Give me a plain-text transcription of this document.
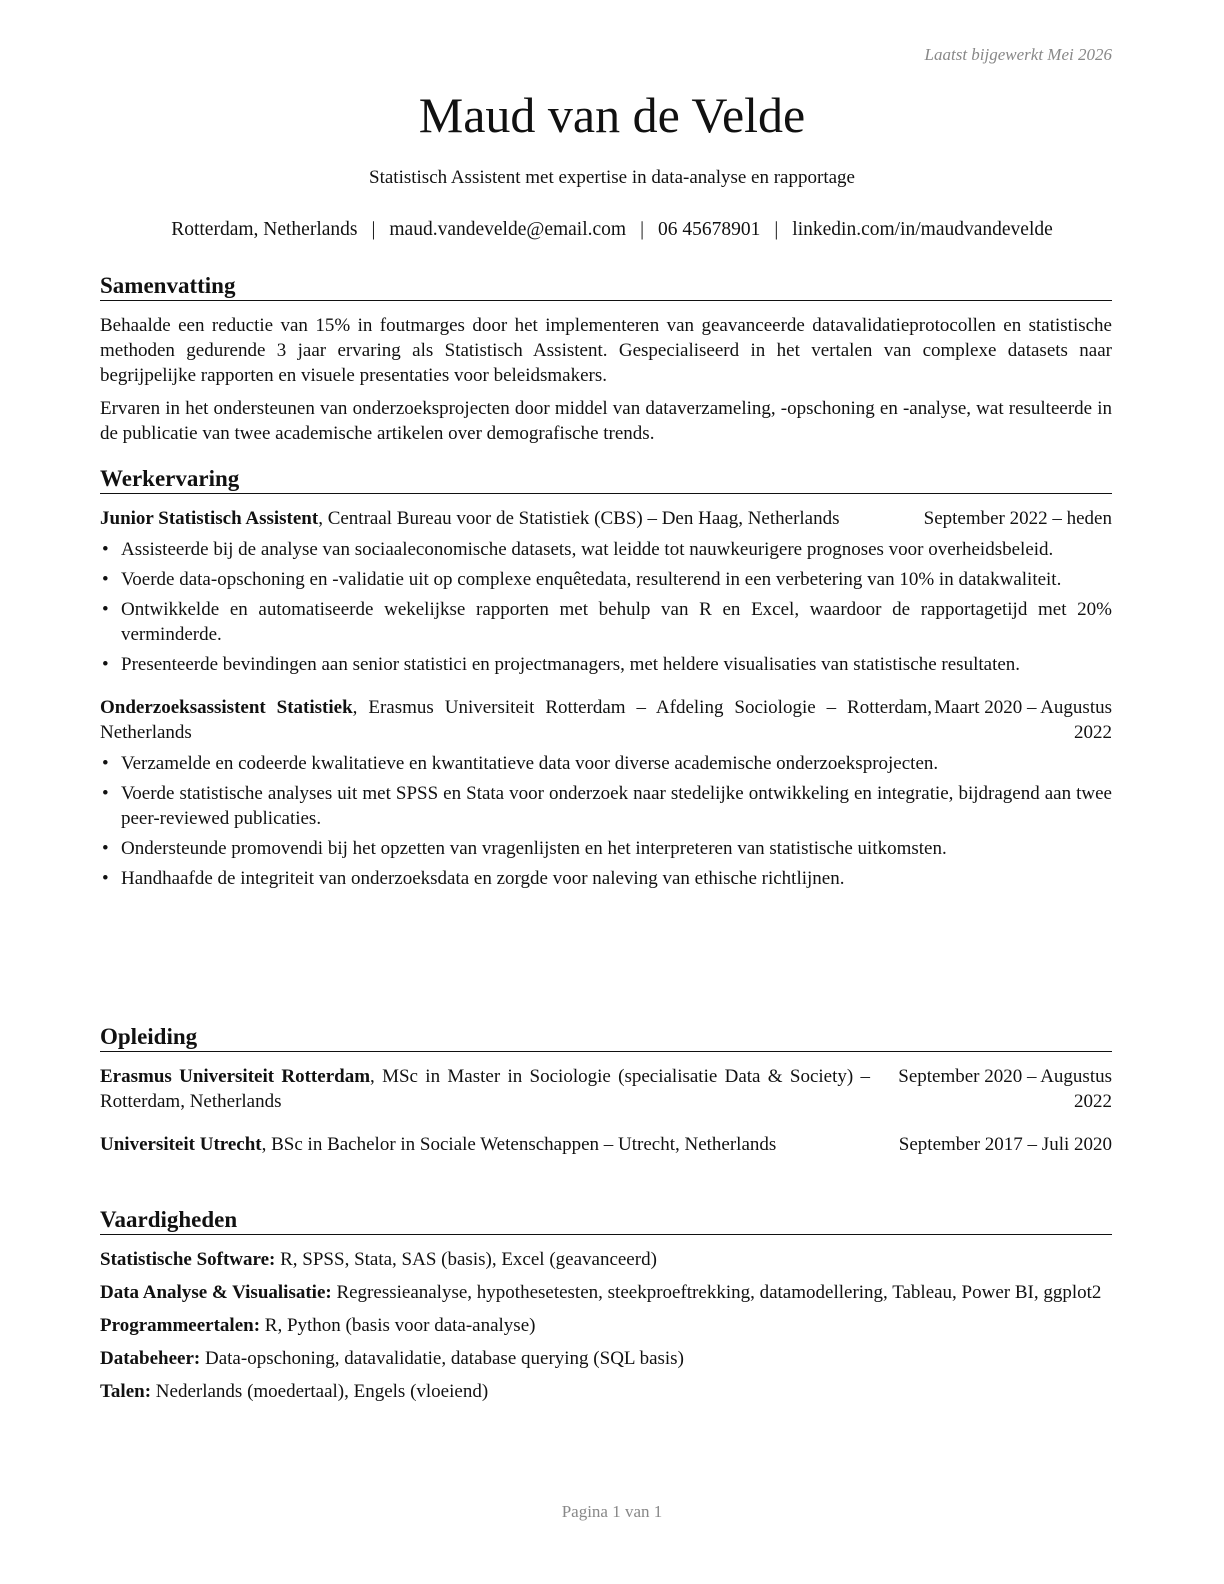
Laatst bijgewerkt Mei 2026
Maud van de Velde
Statistisch Assistent met expertise in data-analyse en rapportage
Rotterdam, Netherlands | maud.vandevelde@email.com | 06 45678901 | linkedin.com/in/maudvandevelde
Samenvatting

Behaalde een reductie van 15% in foutmarges door het implementeren van geavanceerde datavalidatieprotocollen en statistische methoden gedurende 3 jaar ervaring als Statistisch Assistent. Gespecialiseerd in het vertalen van complexe datasets naar begrijpelijke rapporten en visuele presentaties voor beleidsmakers.

Ervaren in het ondersteunen van onderzoeksprojecten door middel van dataverzameling, -opschoning en -analyse, wat resulteerde in de publicatie van twee academische artikelen over demografische trends.

Werkervaring
Junior Statistisch Assistent, Centraal Bureau voor de Statistiek (CBS) – Den Haag, Netherlands	September 2022 – heden
• Assisteerde bij de analyse van sociaaleconomische datasets, wat leidde tot nauwkeurigere prognoses voor overheidsbeleid.
• Voerde data-opschoning en -validatie uit op complexe enquêtedata, resulterend in een verbetering van 10% in datakwaliteit.
• Ontwikkelde en automatiseerde wekelijkse rapporten met behulp van R en Excel, waardoor de rapportagetijd met 20% verminderde.
• Presenteerde bevindingen aan senior statistici en projectmanagers, met heldere visualisaties van statistische resultaten.
Onderzoeksassistent Statistiek, Erasmus Universiteit Rotterdam – Afdeling Sociologie – Rotterdam, Netherlands
Maart 2020 – Augustus 2022
• Verzamelde en codeerde kwalitatieve en kwantitatieve data voor diverse academische onderzoeksprojecten.
• Voerde statistische analyses uit met SPSS en Stata voor onderzoek naar stedelijke ontwikkeling en integratie, bijdragend aan twee peer-reviewed publicaties.
• Ondersteunde promovendi bij het opzetten van vragenlijsten en het interpreteren van statistische uitkomsten.
• Handhaafde de integriteit van onderzoeksdata en zorgde voor naleving van ethische richtlijnen.
Opleiding
Erasmus Universiteit Rotterdam, MSc in Master in Sociologie (specialisatie Data & Society) – Rotterdam, Netherlands
September 2020 – Augustus 2022
Universiteit Utrecht, BSc in Bachelor in Sociale Wetenschappen – Utrecht, Netherlands	September 2017 – Juli 2020
Vaardigheden
Statistische Software: R, SPSS, Stata, SAS (basis), Excel (geavanceerd)
Data Analyse & Visualisatie: Regressieanalyse, hypothesetesten, steekproeftrekking, datamodellering, Tableau, Power BI, ggplot2
Programmeertalen: R, Python (basis voor data-analyse)
Databeheer: Data-opschoning, datavalidatie, database querying (SQL basis)
Talen: Nederlands (moedertaal), Engels (vloeiend)
Pagina 1 van 1
